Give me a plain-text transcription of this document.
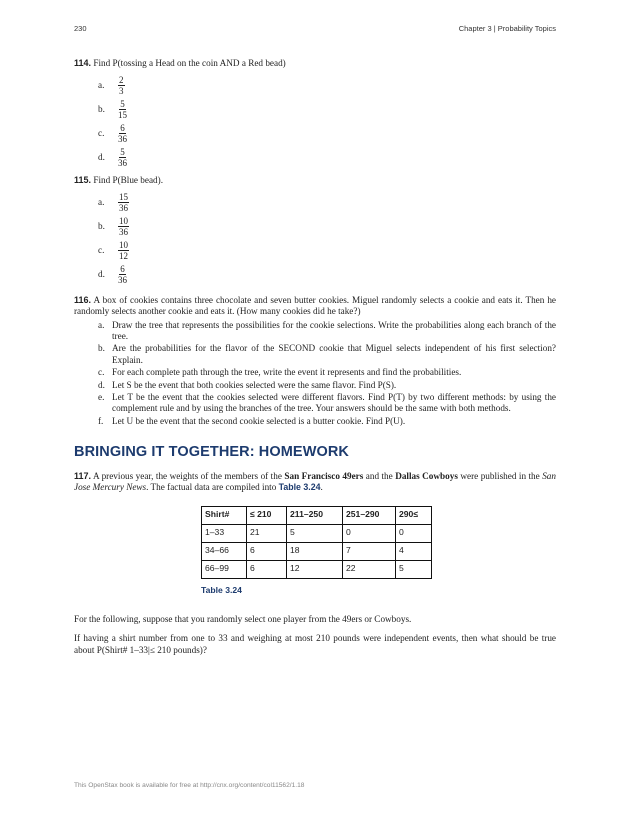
230	Chapter 3 | Probability Topics

114. Find P(tossing a Head on the coin AND a Red bead)

a.	$\frac{2}{3}$
b.	$\frac{5}{15}$
c.	$\frac{6}{36}$
d.	$\frac{5}{36}$

115. Find P(Blue bead).

a.	$\frac{15}{36}$
b.	$\frac{10}{36}$
c.	$\frac{10}{12}$
d.	$\frac{6}{36}$

116. A box of cookies contains three chocolate and seven butter cookies. Miguel randomly selects a cookie and eats it. Then he randomly selects another cookie and eats it. (How many cookies did he take?)

a. Draw the tree that represents the possibilities for the cookie selections. Write the probabilities along each branch of the tree.
b. Are the probabilities for the flavor of the SECOND cookie that Miguel selects independent of his first selection? Explain.
c. For each complete path through the tree, write the event it represents and find the probabilities.
d. Let S be the event that both cookies selected were the same flavor. Find P(S).
e. Let T be the event that the cookies selected were different flavors. Find P(T) by two different methods: by using the complement rule and by using the branches of the tree. Your answers should be the same with both methods.
f. Let U be the event that the second cookie selected is a butter cookie. Find P(U).
BRINGING IT TOGETHER: HOMEWORK

117. A previous year, the weights of the members of the San Francisco 49ers and the Dallas Cowboys were published in the San Jose Mercury News. The factual data are compiled into Table 3.24.

Shirt#	≤ 210	211–250	251–290	290≤
1–33	21	5	0	0
34–66	6	18	7	4
66–99	6	12	22	5
Table 3.24

For the following, suppose that you randomly select one player from the 49ers or Cowboys.

If having a shirt number from one to 33 and weighing at most 210 pounds were independent events, then what should be true about P(Shirt# 1–33|≤ 210 pounds)?

This OpenStax book is available for free at http://cnx.org/content/col11562/1.18
